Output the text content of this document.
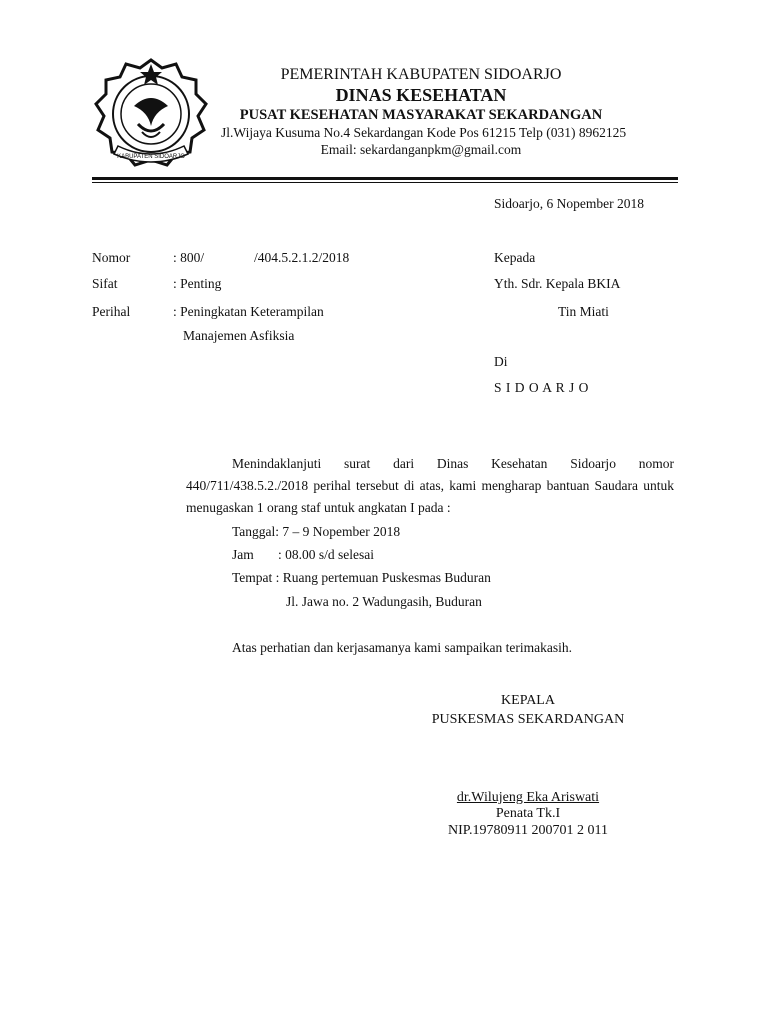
KABUPATEN SIDOARJO
PEMERINTAH KABUPATEN SIDOARJO
DINAS KESEHATAN
PUSAT KESEHATAN MASYARAKAT SEKARDANGAN
Jl.Wijaya Kusuma No.4 Sekardangan Kode Pos 61215 Telp (031) 8962125
Email: sekardanganpkm@gmail.com
Sidoarjo, 6 Nopember 2018
Nomor	: 800/	/404.5.2.1.2/2018
Sifat	: Penting
Perihal	: Peningkatan Keterampilan
Manajemen Asfiksia
Kepada
Yth. Sdr. Kepala BKIA
Tin Miati
Di
S I D O A R J O
Menindaklanjuti surat dari Dinas Kesehatan Sidoarjo nomor 440/711/438.5.2./2018 perihal tersebut di atas, kami mengharap bantuan Saudara untuk menugaskan 1 orang staf untuk angkatan I pada :
Tanggal: 7 – 9 Nopember 2018
Jam : 08.00 s/d selesai
Tempat : Ruang pertemuan Puskesmas Buduran
Jl. Jawa no. 2 Wadungasih, Buduran
Atas perhatian dan kerjasamanya kami sampaikan terimakasih.
KEPALA
PUSKESMAS SEKARDANGAN
dr.Wilujeng Eka Ariswati
Penata Tk.I
NIP.19780911 200701 2 011
